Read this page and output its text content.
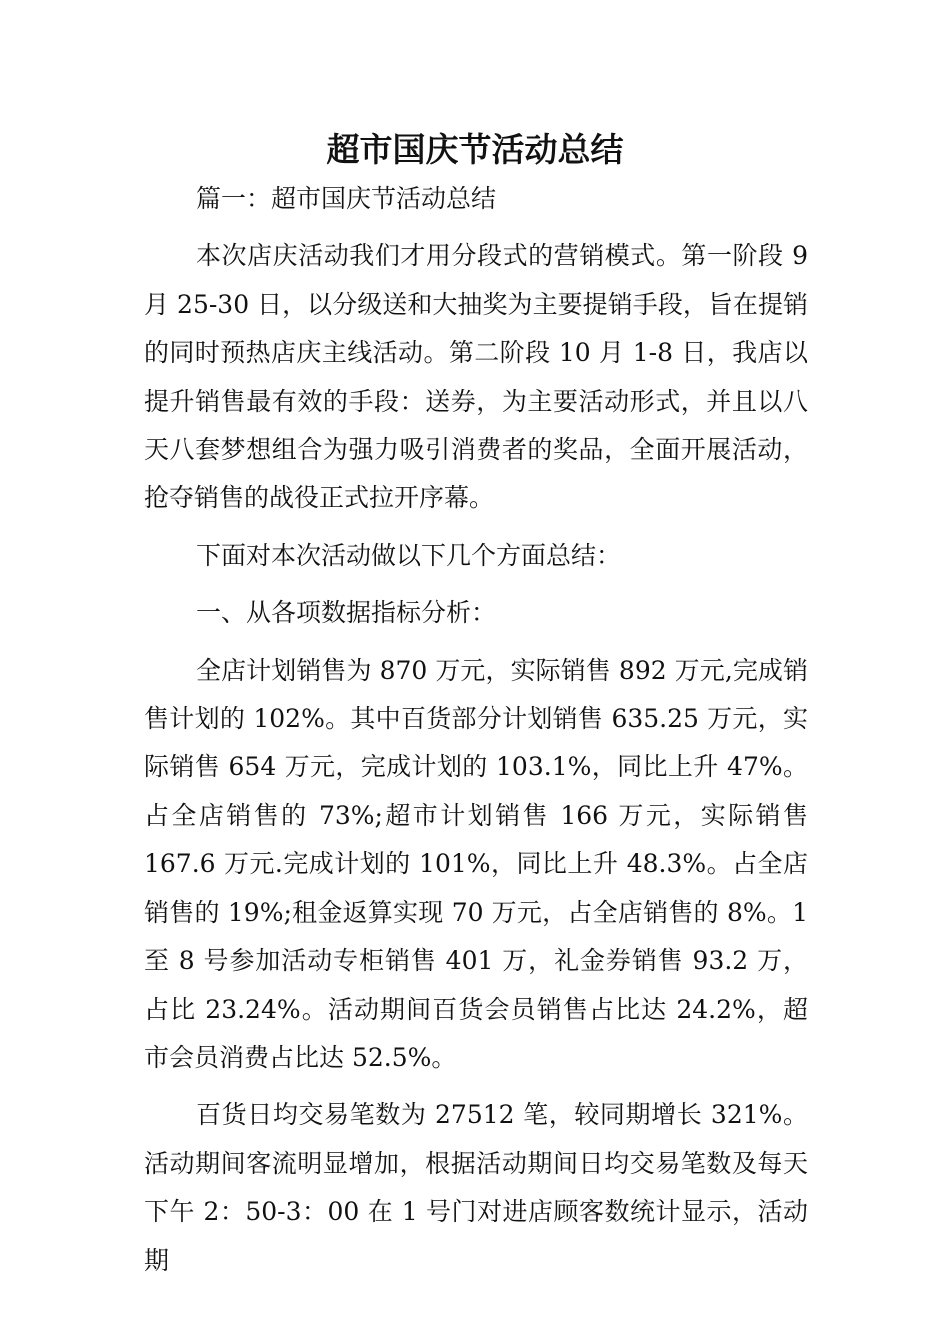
超市国庆节活动总结

篇一：超市国庆节活动总结

本次店庆活动我们才用分段式的营销模式。第一阶段 9 月 25-30 日，以分级送和大抽奖为主要提销手段，旨在提销的同时预热店庆主线活动。第二阶段 10 月 1-8 日，我店以提升销售最有效的手段：送券，为主要活动形式，并且以八天八套梦想组合为强力吸引消费者的奖品，全面开展活动，抢夺销售的战役正式拉开序幕。

下面对本次活动做以下几个方面总结：

一、从各项数据指标分析：

全店计划销售为 870 万元，实际销售 892 万元,完成销售计划的 102%。其中百货部分计划销售 635.25 万元，实际销售 654 万元，完成计划的 103.1%，同比上升 47%。占全店销售的 73%;超市计划销售 166 万元，实际销售 167.6 万元.完成计划的 101%，同比上升 48.3%。占全店销售的 19%;租金返算实现 70 万元，占全店销售的 8%。1 至 8 号参加活动专柜销售 401 万，礼金券销售 93.2 万，占比 23.24%。活动期间百货会员销售占比达 24.2%，超市会员消费占比达 52.5%。

百货日均交易笔数为 27512 笔，较同期增长 321%。活动期间客流明显增加，根据活动期间日均交易笔数及每天下午 2：50-3：00 在 1 号门对进店顾客数统计显示，活动期
